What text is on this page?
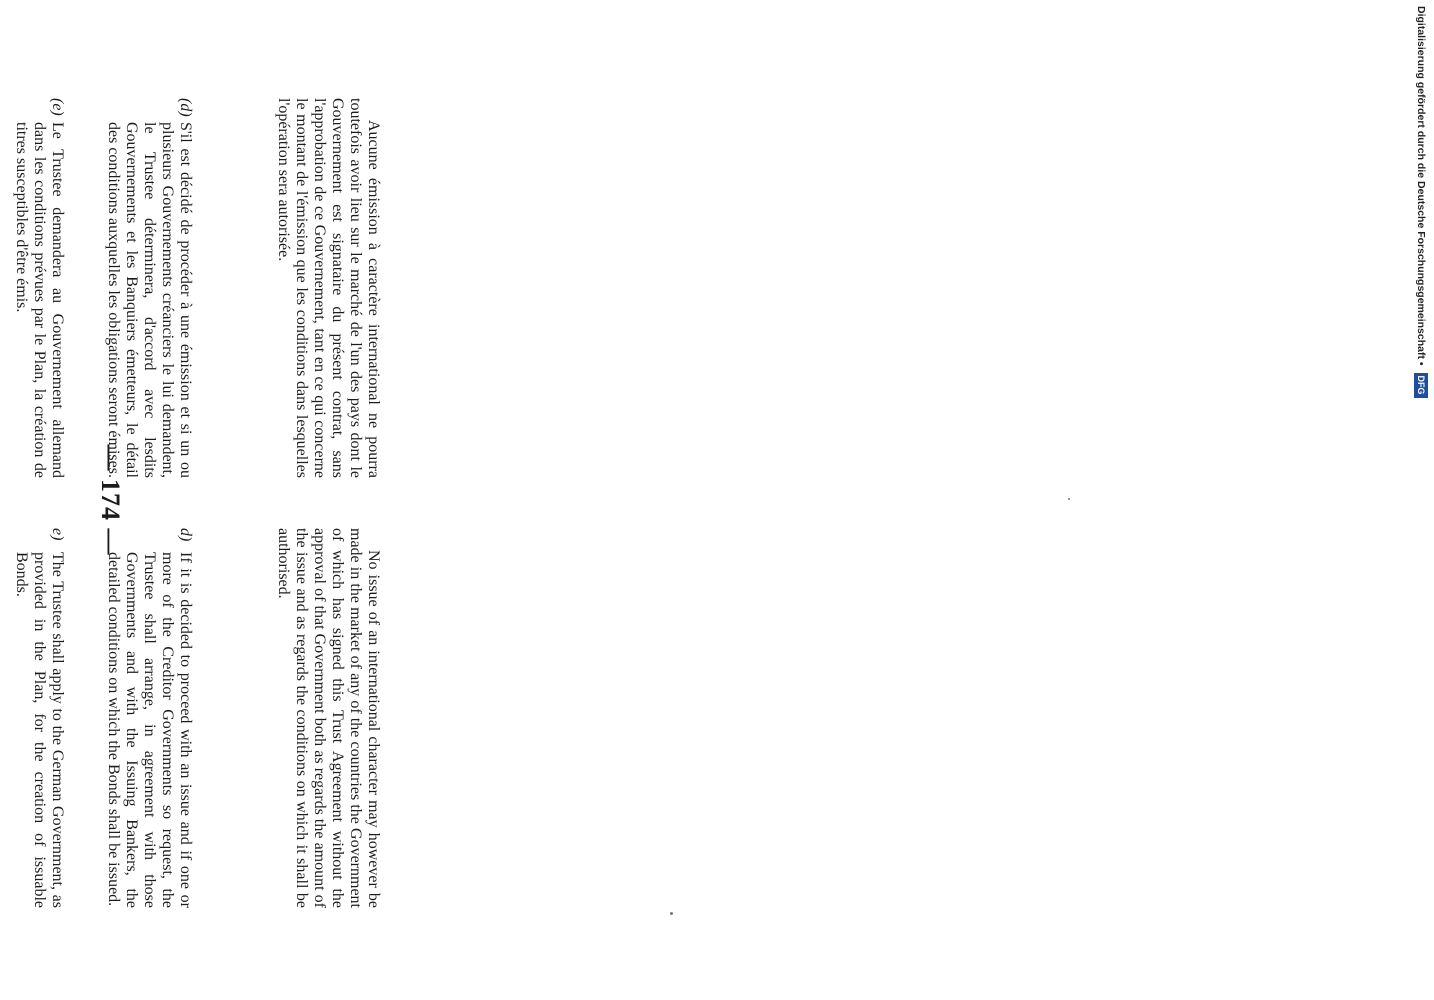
— 174 —

Aucune émission à caractère international ne pourra toutefois avoir lieu sur le marché de l'un des pays dont le Gouvernement est signataire du présent contrat, sans l'approbation de ce Gouvernement, tant en ce qui concerne le montant de l'émission que les conditions dans lesquelles l'opération sera autorisée.

(d)

S'il est décidé de procéder à une émission et si un ou plusieurs Gouvernements créanciers le lui demandent, le Trustee déterminera, d'accord avec lesdits Gouvernements et les Banquiers émetteurs, le détail des conditions auxquelles les obligations seront émises.

(e)

Le Trustee demandera au Gouvernement allemand dans les conditions prévues par le Plan, la création de titres susceptibles d'être émis.

No issue of an international character may however be made in the market of any of the countries the Government of which has signed this Trust Agreement without the approval of that Government both as regards the amount of the issue and as regards the conditions on which it shall be authorised.

d)

If it is decided to proceed with an issue and if one or more of the Creditor Governments so request, the Trustee shall arrange, in agreement with those Governments and with the Issuing Bankers, the detailed conditions on which the Bonds shall be issued.

e)

The Trustee shall apply to the German Government, as provided in the Plan, for the creation of issuable Bonds.

Digitalisierung gefördert durch die Deutsche Forschungsgemeinschaft • DFG
